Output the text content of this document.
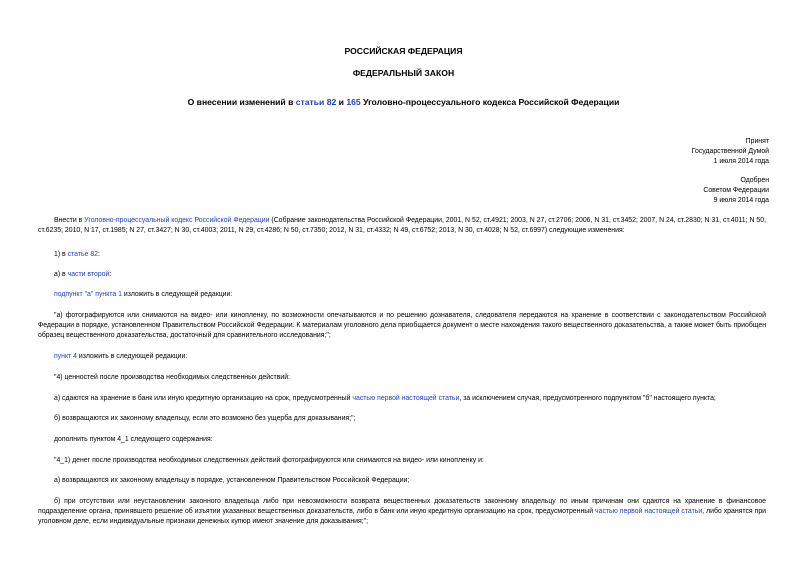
РОССИЙСКАЯ ФЕДЕРАЦИЯ
ФЕДЕРАЛЬНЫЙ ЗАКОН
О внесении изменений в статьи 82 и 165 Уголовно-процессуального кодекса Российской Федерации
Принят
Государственной Думой
1 июля 2014 года
Одобрен
Советом Федерации
9 июля 2014 года
Внести в Уголовно-процессуальный кодекс Российской Федерации (Собрание законодательства Российской Федерации, 2001, N 52, ст.4921; 2003, N 27, ст.2706; 2006, N 31, ст.3452; 2007, N 24, ст.2830; N 31, ст.4011; N 50, ст.6235; 2010, N 17, ст.1985; N 27, ст.3427; N 30, ст.4003; 2011, N 29, ст.4286; N 50, ст.7350; 2012, N 31, ст.4332; N 49, ст.6752; 2013, N 30, ст.4028; N 52, ст.6997) следующие изменения:
1) в статье 82:
а) в части второй:
подпункт "а" пункта 1 изложить в следующей редакции:
"а) фотографируются или снимаются на видео- или кинопленку, по возможности опечатываются и по решению дознавателя, следователя передаются на хранение в соответствии с законодательством Российской Федерации в порядке, установленном Правительством Российской Федерации. К материалам уголовного дела приобщается документ о месте нахождения такого вещественного доказательства, а также может быть приобщен образец вещественного доказательства, достаточный для сравнительного исследования;";
пункт 4 изложить в следующей редакции:
"4) ценностей после производства необходимых следственных действий:
а) сдаются на хранение в банк или иную кредитную организацию на срок, предусмотренный частью первой настоящей статьи, за исключением случая, предусмотренного подпунктом "б" настоящего пункта;
б) возвращаются их законному владельцу, если это возможно без ущерба для доказывания;";
дополнить пунктом 4_1 следующего содержания:
"4_1) денег после производства необходимых следственных действий фотографируются или снимаются на видео- или кинопленку и:
а) возвращаются их законному владельцу в порядке, установленном Правительством Российской Федерации;
б) при отсутствии или неустановлении законного владельца либо при невозможности возврата вещественных доказательств законному владельцу по иным причинам они сдаются на хранение в финансовое подразделение органа, принявшего решение об изъятии указанных вещественных доказательств, либо в банк или иную кредитную организацию на срок, предусмотренный частью первой настоящей статьи, либо хранятся при уголовном деле, если индивидуальные признаки денежных купюр имеют значение для доказывания;";
